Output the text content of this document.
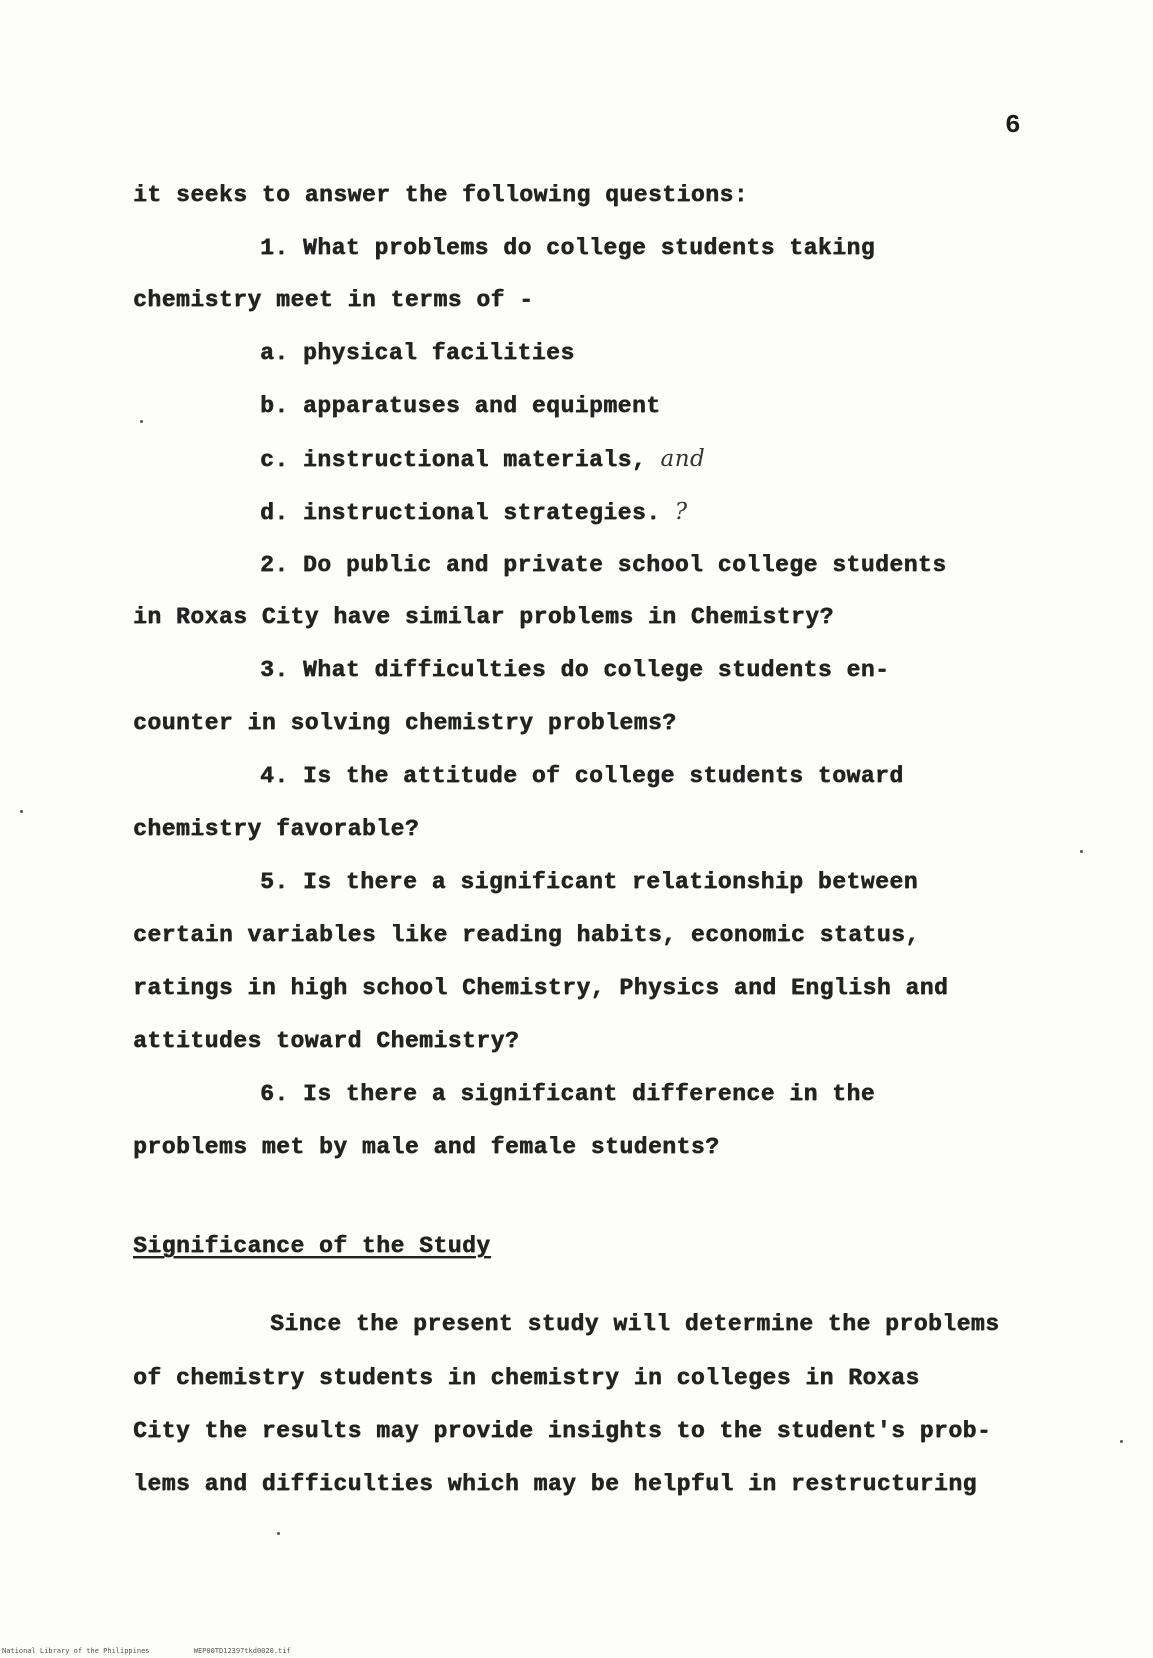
6
it seeks to answer the following questions:
1. What problems do college students taking
chemistry meet in terms of -
a. physical facilities
b. apparatuses and equipment
c. instructional materials, and
d. instructional strategies. ?
2. Do public and private school college students
in Roxas City have similar problems in Chemistry?
3. What difficulties do college students en-
counter in solving chemistry problems?
4. Is the attitude of college students toward
chemistry favorable?
5. Is there a significant relationship between
certain variables like reading habits, economic status,
ratings in high school Chemistry, Physics and English and
attitudes toward Chemistry?
6. Is there a significant difference in the
problems met by male and female students?
Significance of the Study
Since the present study will determine the problems
of chemistry students in chemistry in colleges in Roxas
City the results may provide insights to the student's prob-
lems and difficulties which may be helpful in restructuring
National Library of the Philippines	WEP00TD12397tkd0020.tif
